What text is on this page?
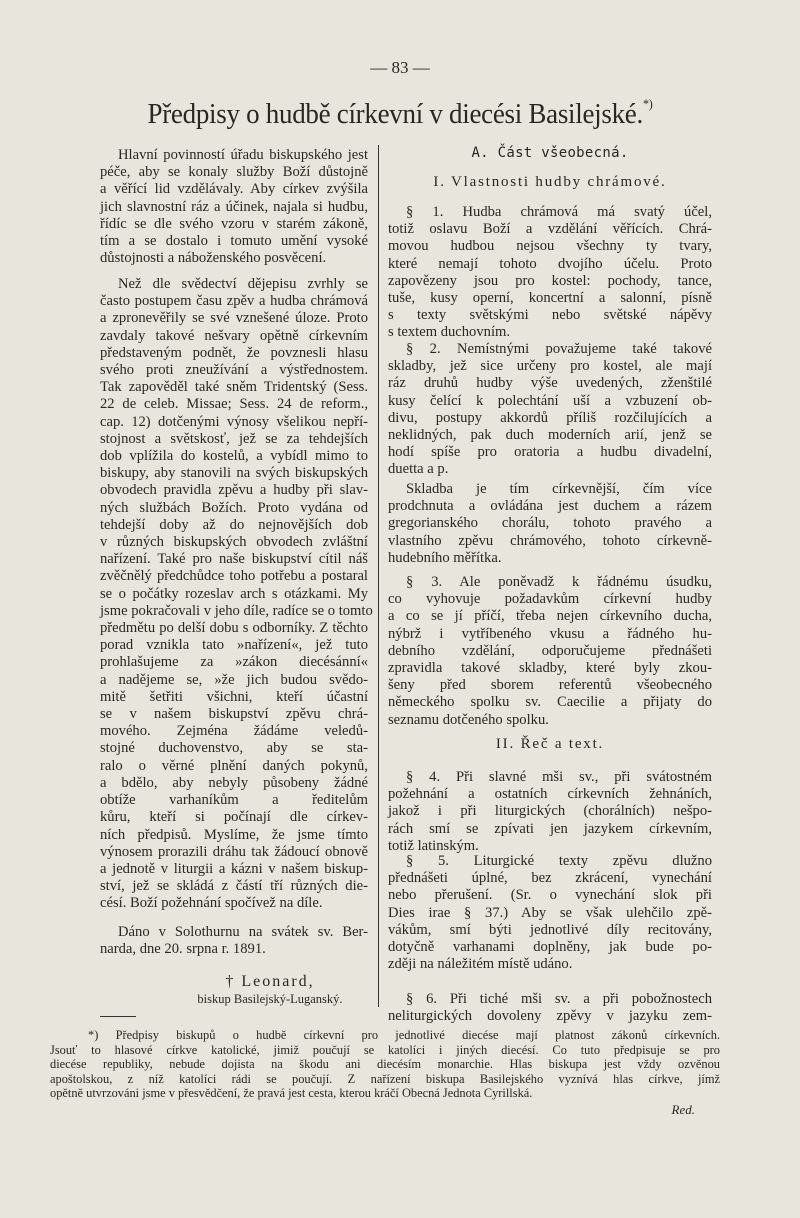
— 83 —
Předpisy o hudbě církevní v diecési Basilejské.*)
Hlavní povinností úřadu biskupského jest
péče, aby se konaly služby Boží důstojně
a věřící lid vzdělávaly. Aby církev zvýšila
jich slavnostní ráz a účinek, najala si hudbu,
řídíc se dle svého vzoru v starém zákoně,
tím a se dostalo i tomuto umění vysoké
důstojnosti a náboženského posvěcení.
Než dle svědectví dějepisu zvrhly se
často postupem času zpěv a hudba chrámová
a zpronevěřily se své vznešené úloze. Proto
zavdaly takové nešvary opětně církevním
představeným podnět, že povznesli hlasu
svého proti zneužívání a výstřednostem.
Tak zapověděl také sněm Tridentský (Sess.
22 de celeb. Missae; Sess. 24 de reform.,
cap. 12) dotčenými výnosy všelikou nepří-
stojnost a světskosť, jež se za tehdejších
dob vplížila do kostelů, a vybídl mimo to
biskupy, aby stanovili na svých biskupských
obvodech pravidla zpěvu a hudby při slav-
ných službách Božích. Proto vydána od
tehdejší doby až do nejnovějších dob
v různých biskupských obvodech zvláštní
nařízení. Také pro naše biskupství cítil náš
zvěčnělý předchůdce toho potřebu a postaral
se o počátky rozeslav arch s otázkami. My
jsme pokračovali v jeho díle, radíce se o tomto
předmětu po delší dobu s odborníky. Z těchto
porad vznikla tato »nařízení«, jež tuto
prohlašujeme za »zákon diecésánní«
a nadějeme se, »že jich budou svědo-
mitě šetřiti všichni, kteří účastní
se v našem biskupství zpěvu chrá-
mového. Zejména žádáme veledů-
stojné duchovenstvo, aby se sta-
ralo o věrné plnění daných pokynů,
a bdělo, aby nebyly působeny žádné
obtíže varhaníkům a ředitelům
kůru, kteří si počínají dle církev-
ních předpisů. Myslíme, že jsme tímto
výnosem prorazili dráhu tak žádoucí obnově
a jednotě v liturgii a kázni v našem biskup-
ství, jež se skládá z částí tří různých die-
césí. Boží požehnání spočívež na díle.
Dáno v Solothurnu na svátek sv. Ber-
narda, dne 20. srpna r. 1891.
† Leonard,
biskup Basilejský-Luganský.
A. Část všeobecná.
I. Vlastnosti hudby chrámové.
§ 1. Hudba chrámová má svatý účel,
totiž oslavu Boží a vzdělání věřících. Chrá-
movou hudbou nejsou všechny ty tvary,
které nemají tohoto dvojího účelu. Proto
zapovězeny jsou pro kostel: pochody, tance,
tuše, kusy operní, koncertní a salonní, písně
s texty světskými nebo světské nápěvy
s textem duchovním.
§ 2. Nemístnými považujeme také takové
skladby, jež sice určeny pro kostel, ale mají
ráz druhů hudby výše uvedených, zženštilé
kusy čelící k polechtání uší a vzbuzení ob-
divu, postupy akkordů příliš rozčilujících a
neklidných, pak duch moderních arií, jenž se
hodí spíše pro oratoria a hudbu divadelní,
duetta a p.
Skladba je tím církevnější, čím více
prodchnuta a ovládána jest duchem a rázem
gregorianského chorálu, tohoto pravého a
vlastního zpěvu chrámového, tohoto církevně-
hudebního měřítka.
§ 3. Ale poněvadž k řádnému úsudku,
co vyhovuje požadavkům církevní hudby
a co se jí příčí, třeba nejen církevního ducha,
nýbrž i vytříbeného vkusu a řádného hu-
debního vzdělání, odporučujeme přednášeti
zpravidla takové skladby, které byly zkou-
šeny před sborem referentů všeobecného
německého spolku sv. Caecilie a přijaty do
seznamu dotčeného spolku.
II. Řeč a text.
§ 4. Při slavné mši sv., při svátostném
požehnání a ostatních církevních žehnáních,
jakož i při liturgických (chorálních) nešpo-
rách smí se zpívati jen jazykem církevním,
totiž latinským.
§ 5. Liturgické texty zpěvu dlužno
přednášeti úplné, bez zkrácení, vynechání
nebo přerušení. (Sr. o vynechání slok při
Dies irae § 37.) Aby se však ulehčilo zpě-
vákům, smí býti jednotlivé díly recitovány,
dotyčně varhanami doplněny, jak bude po-
zději na náležitém místě udáno.
§ 6. Při tiché mši sv. a při pobožnostech
neliturgických dovoleny zpěvy v jazyku zem-
*) Předpisy biskupů o hudbě církevní pro jednotlivé diecése mají platnost zákonů církevních.
Jsouť to hlasové církve katolické, jimiž poučují se katolíci i jiných diecésí. Co tuto předpisuje se pro
diecése republiky, nebude dojista na škodu ani diecésím monarchie. Hlas biskupa jest vždy ozvěnou
apoštolskou, z níž katolíci rádi se poučují. Z nařízení biskupa Basilejského vyznívá hlas církve, jímž
opětně utvrzováni jsme v přesvědčení, že pravá jest cesta, kterou kráčí Obecná Jednota Cyrillská.
Red.
